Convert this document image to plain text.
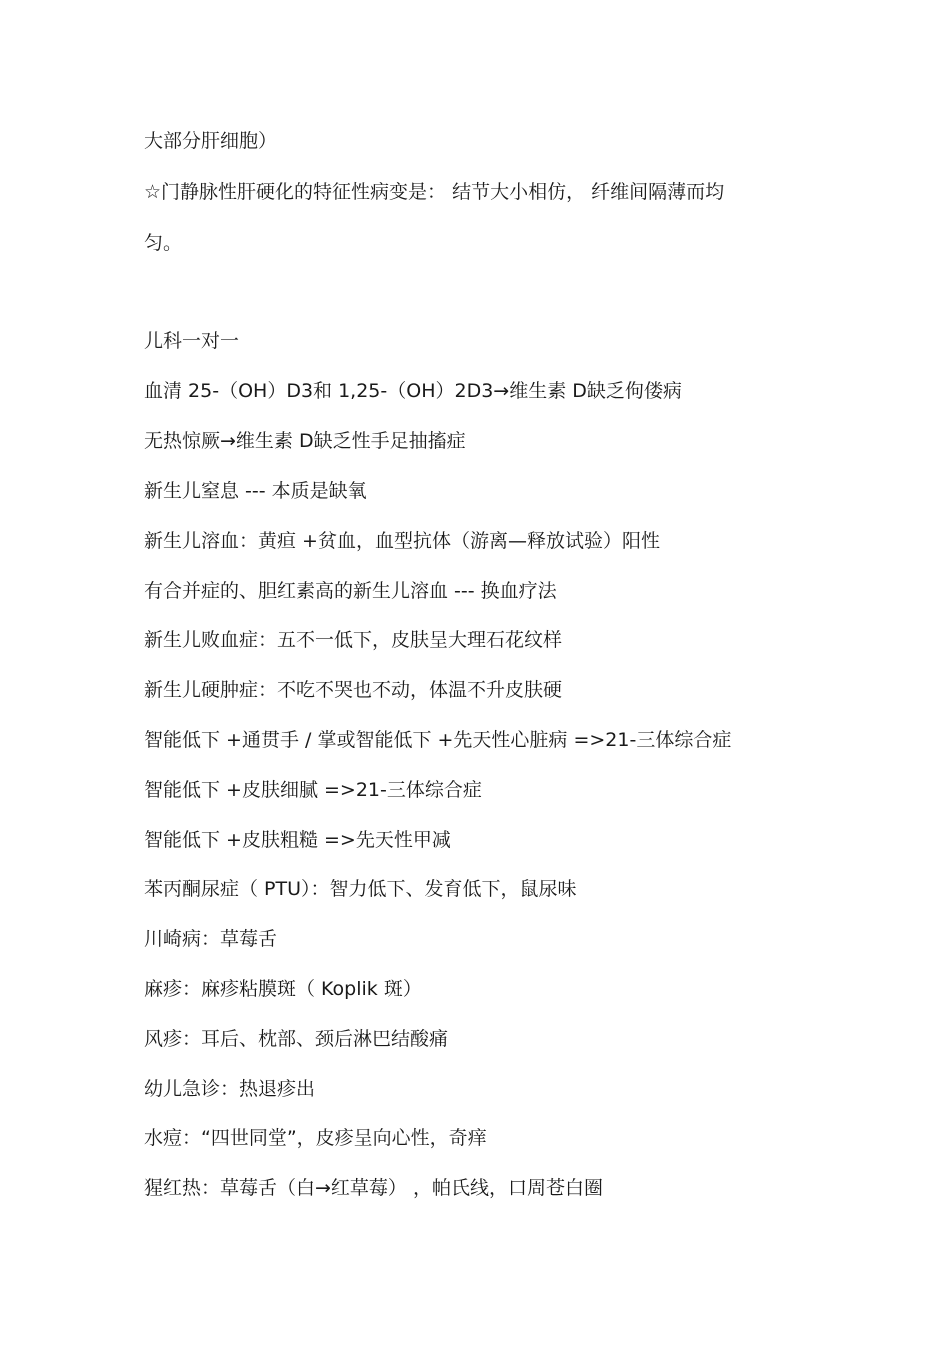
大部分肝细胞）
☆门静脉性肝硬化的特征性病变是： 结节大小相仿， 纤维间隔薄而均
匀。
儿科一对一
血清 25-（OH）D3和 1,25-（OH）2D3→维生素 D缺乏佝偻病
无热惊厥→维生素 D缺乏性手足抽搐症
新生儿窒息 --- 本质是缺氧
新生儿溶血：黄疸 +贫血，血型抗体（游离—释放试验）阳性
有合并症的、胆红素高的新生儿溶血 --- 换血疗法
新生儿败血症：五不一低下，皮肤呈大理石花纹样
新生儿硬肿症：不吃不哭也不动，体温不升皮肤硬
智能低下 +通贯手 / 掌或智能低下 +先天性心脏病 =>21-三体综合症
智能低下 +皮肤细腻 =>21-三体综合症
智能低下 +皮肤粗糙 =>先天性甲减
苯丙酮尿症（ PTU）：智力低下、发育低下，鼠尿味
川崎病：草莓舌
麻疹：麻疹粘膜斑（ Koplik 斑）
风疹：耳后、枕部、颈后淋巴结酸痛
幼儿急诊：热退疹出
水痘：“四世同堂”，皮疹呈向心性，奇痒
猩红热：草莓舌（白→红草莓） ，帕氏线，口周苍白圈
